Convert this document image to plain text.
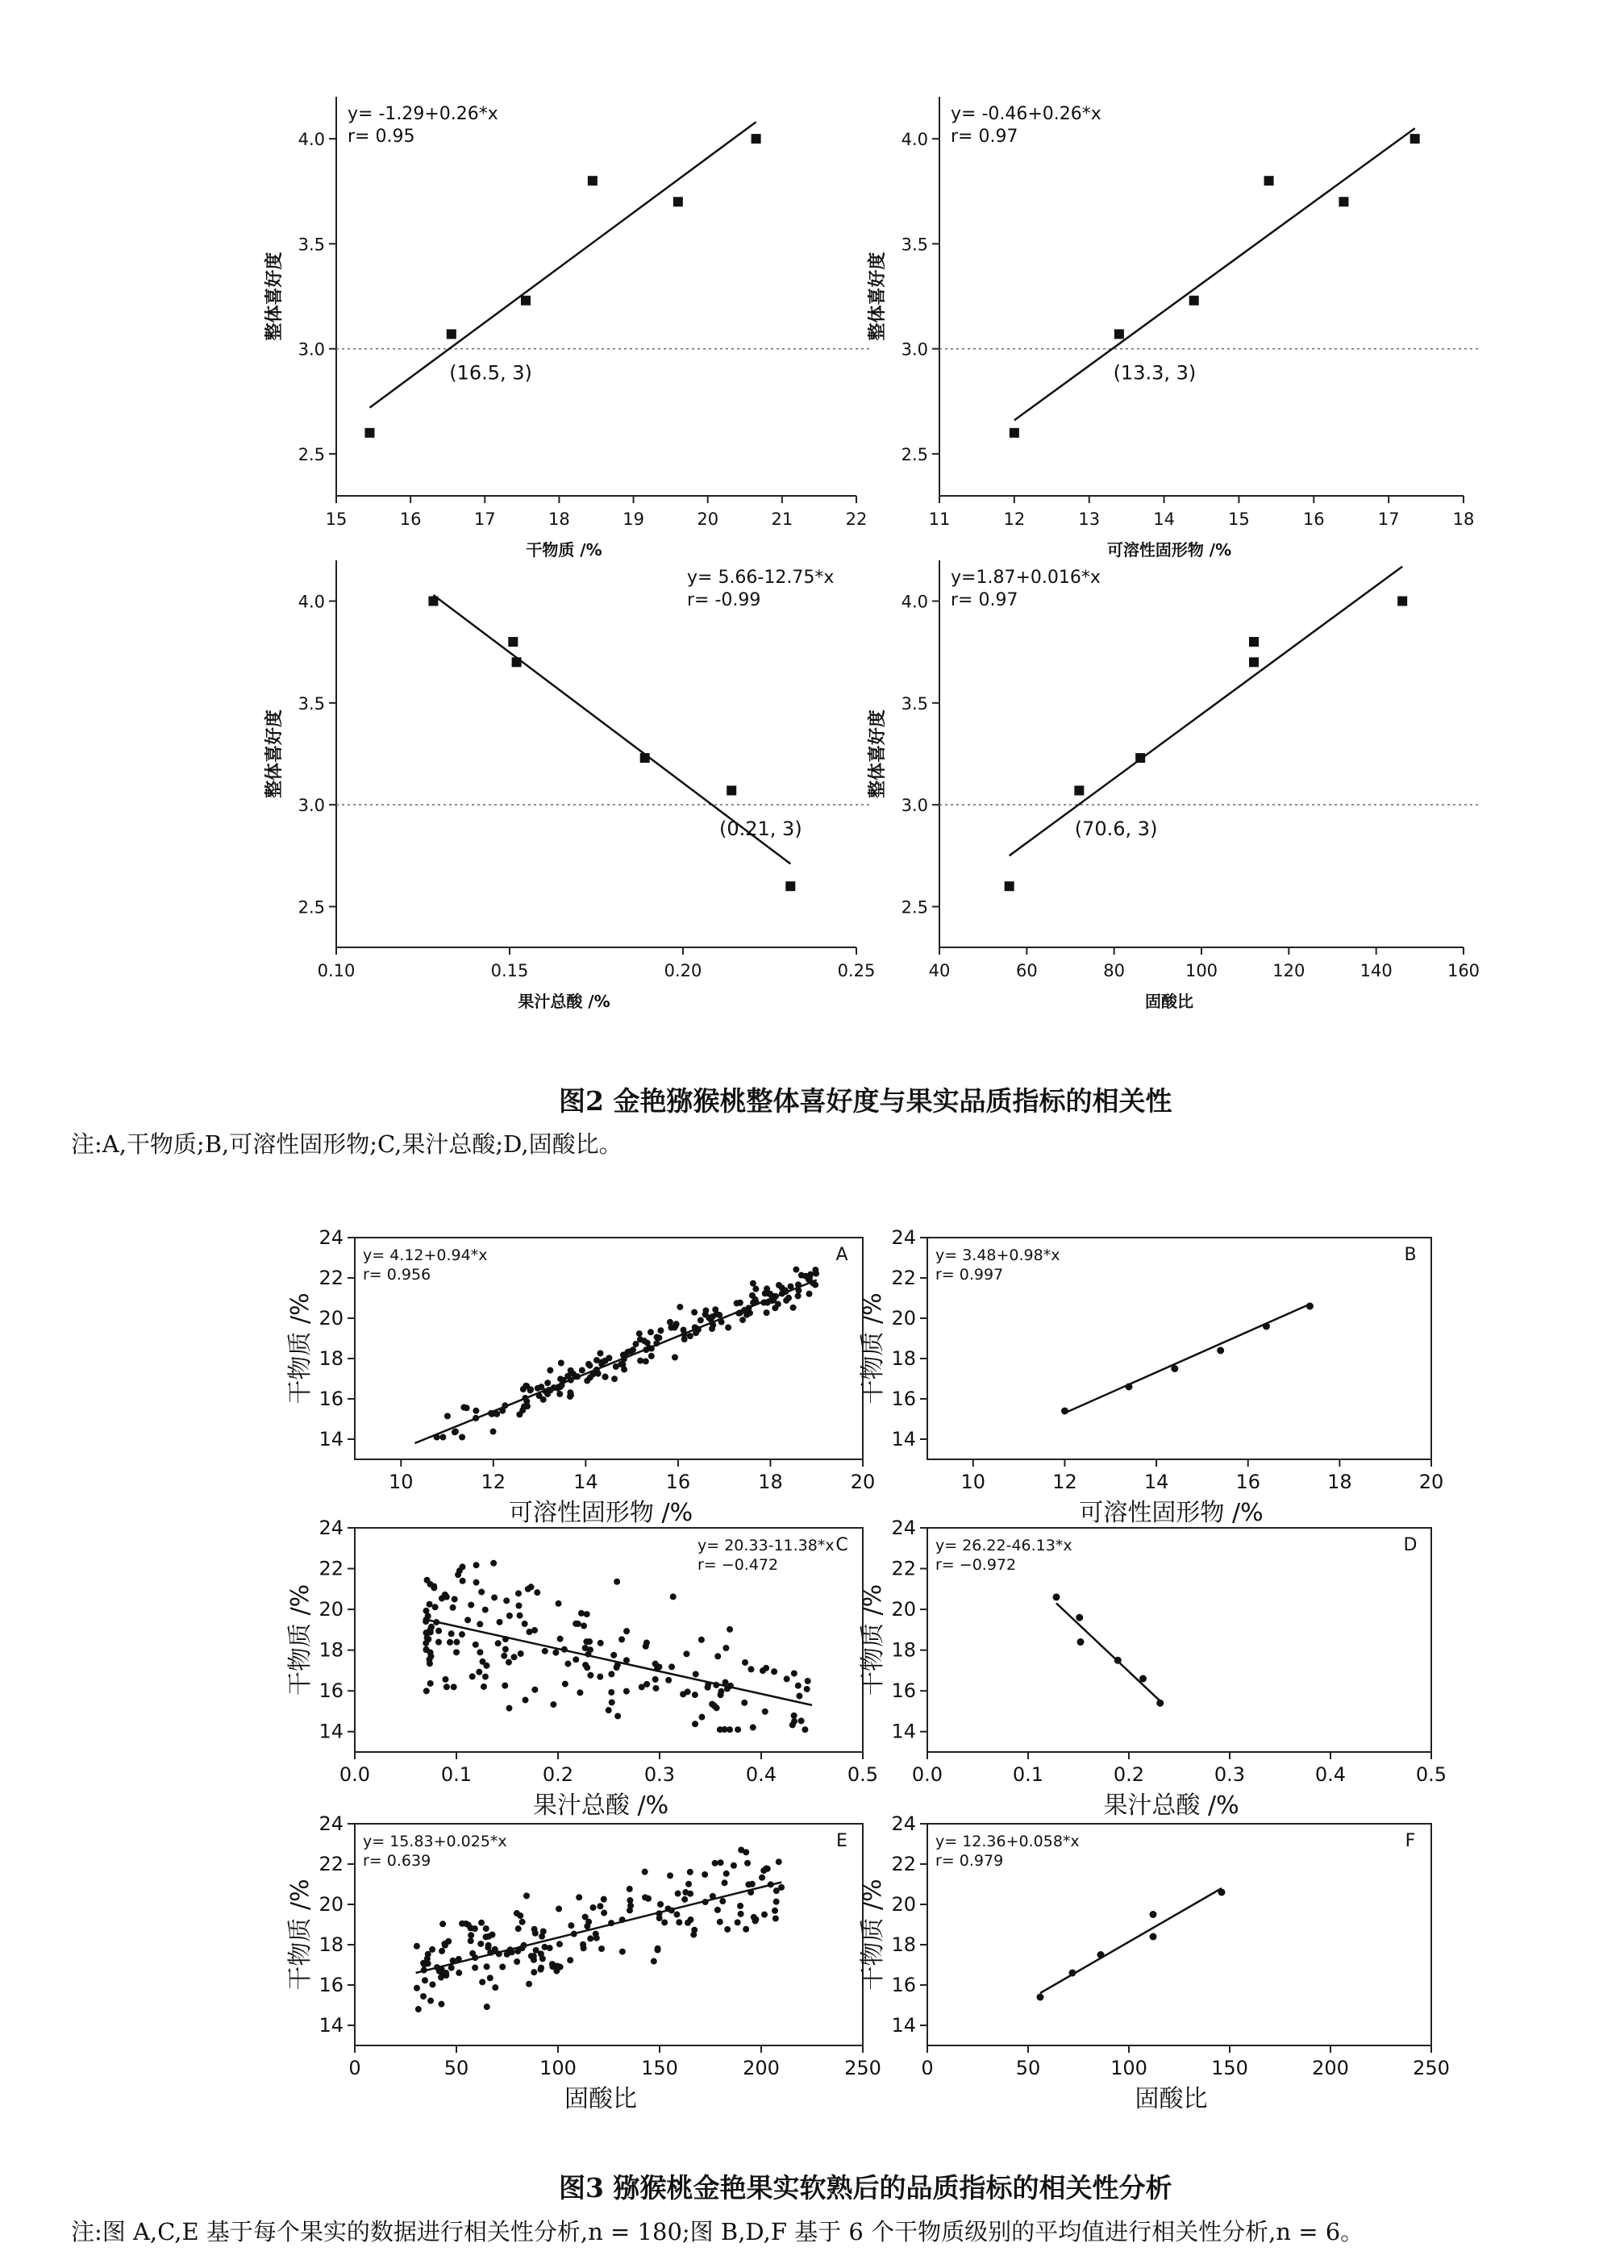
15	16	17	18	19	20	21	22
2.5
3.0
3.5
4.0
干物质 /%
整体喜好度
y= -1.29+0.26*x
r= 0.95
(16.5, 3)
11	12	13	14	15	16	17	18
2.5
3.0
3.5
4.0
可溶性固形物 /%
整体喜好度
y= -0.46+0.26*x
r= 0.97
(13.3, 3)
0.10	0.15	0.20	0.25
2.5
3.0
3.5
4.0
果汁总酸 /%
整体喜好度
y= 5.66-12.75*x
r= -0.99
(0.21, 3)
40	60	80	100	120	140	160
2.5
3.0
3.5
4.0
固酸比
整体喜好度
y=1.87+0.016*x
r= 0.97
(70.6, 3)
10	12	14	16	18	20
14
16
18
20
22
24
可溶性固形物 /%
干物质 /%
y= 4.12+0.94*x
r= 0.956
A
10	12	14	16	18	20
14
16
18
20
22
24
可溶性固形物 /%
干物质 /%
y= 3.48+0.98*x
r= 0.997
B
0.0	0.1	0.2	0.3	0.4	0.5
14
16
18
20
22
24
果汁总酸 /%
干物质 /%
y= 20.33-11.38*x
r= −0.472
C
0.0	0.1	0.2	0.3	0.4	0.5
14
16
18
20
22
24
果汁总酸 /%
干物质 /%
y= 26.22-46.13*x
r= −0.972
D
0	50	100	150	200	250
14
16
18
20
22
24
固酸比
干物质 /%
y= 15.83+0.025*x
r= 0.639
E
0	50	100	150	200	250
14
16
18
20
22
24
固酸比
干物质 /%
y= 12.36+0.058*x
r= 0.979
F
图2 金艳猕猴桃整体喜好度与果实品质指标的相关性
注:A,干物质;B,可溶性固形物;C,果汁总酸;D,固酸比。
图3 猕猴桃金艳果实软熟后的品质指标的相关性分析
注:图 A,C,E 基于每个果实的数据进行相关性分析,n = 180;图 B,D,F 基于 6 个干物质级别的平均值进行相关性分析,n = 6。
